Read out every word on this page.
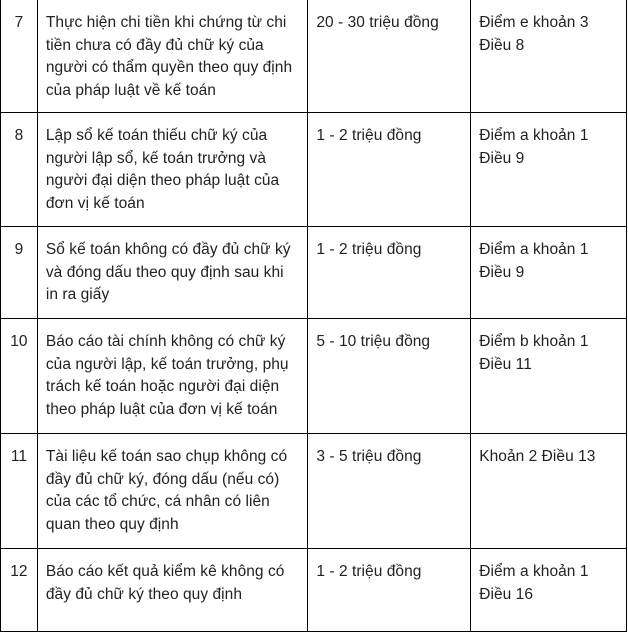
7	Thực hiện chi tiền khi chứng từ chi tiền chưa có đầy đủ chữ ký của người có thẩm quyền theo quy định của pháp luật về kế toán	20 - 30 triệu đồng	Điểm e khoản 3 Điều 8
8	Lập sổ kế toán thiếu chữ ký của người lập sổ, kế toán trưởng và người đại diện theo pháp luật của đơn vị kế toán	1 - 2 triệu đồng	Điểm a khoản 1 Điều 9
9	Sổ kế toán không có đầy đủ chữ ký và đóng dấu theo quy định sau khi in ra giấy	1 - 2 triệu đồng	Điểm a khoản 1 Điều 9
10	Báo cáo tài chính không có chữ ký của người lập, kế toán trưởng, phụ trách kế toán hoặc người đại diện theo pháp luật của đơn vị kế toán	5 - 10 triệu đồng	Điểm b khoản 1 Điều 11
11	Tài liệu kế toán sao chụp không có đầy đủ chữ ký, đóng dấu (nếu có) của các tổ chức, cá nhân có liên quan theo quy định	3 - 5 triệu đồng	Khoản 2 Điều 13
12	Báo cáo kết quả kiểm kê không có đầy đủ chữ ký theo quy định	1 - 2 triệu đồng	Điểm a khoản 1 Điều 16
